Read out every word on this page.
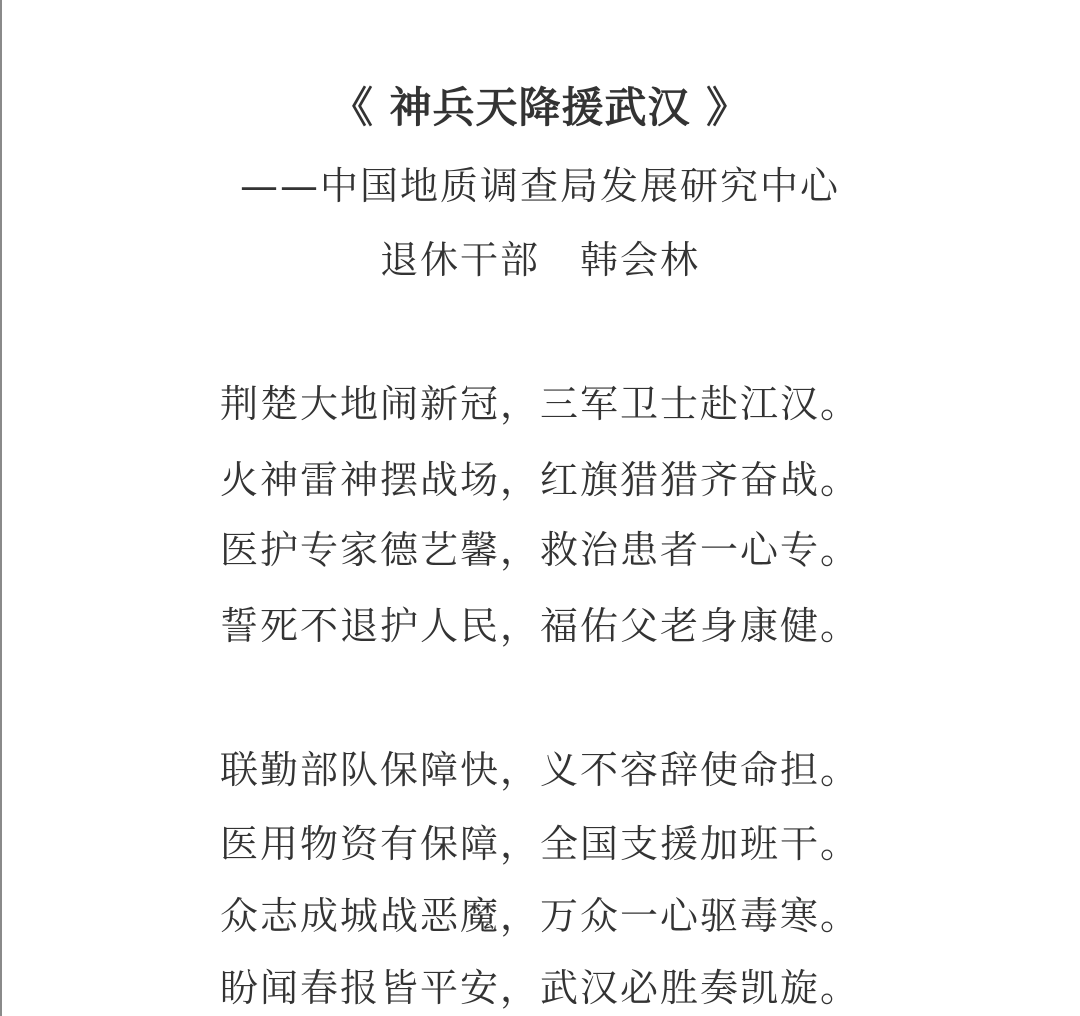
《 神兵天降援武汉 》
——中国地质调查局发展研究中心
退休干部　韩会林
荆楚大地闹新冠，三军卫士赴江汉。
火神雷神摆战场，红旗猎猎齐奋战。
医护专家德艺馨，救治患者一心专。
誓死不退护人民，福佑父老身康健。
联勤部队保障快，义不容辞使命担。
医用物资有保障，全国支援加班干。
众志成城战恶魔，万众一心驱毒寒。
盼闻春报皆平安，武汉必胜奏凯旋。
